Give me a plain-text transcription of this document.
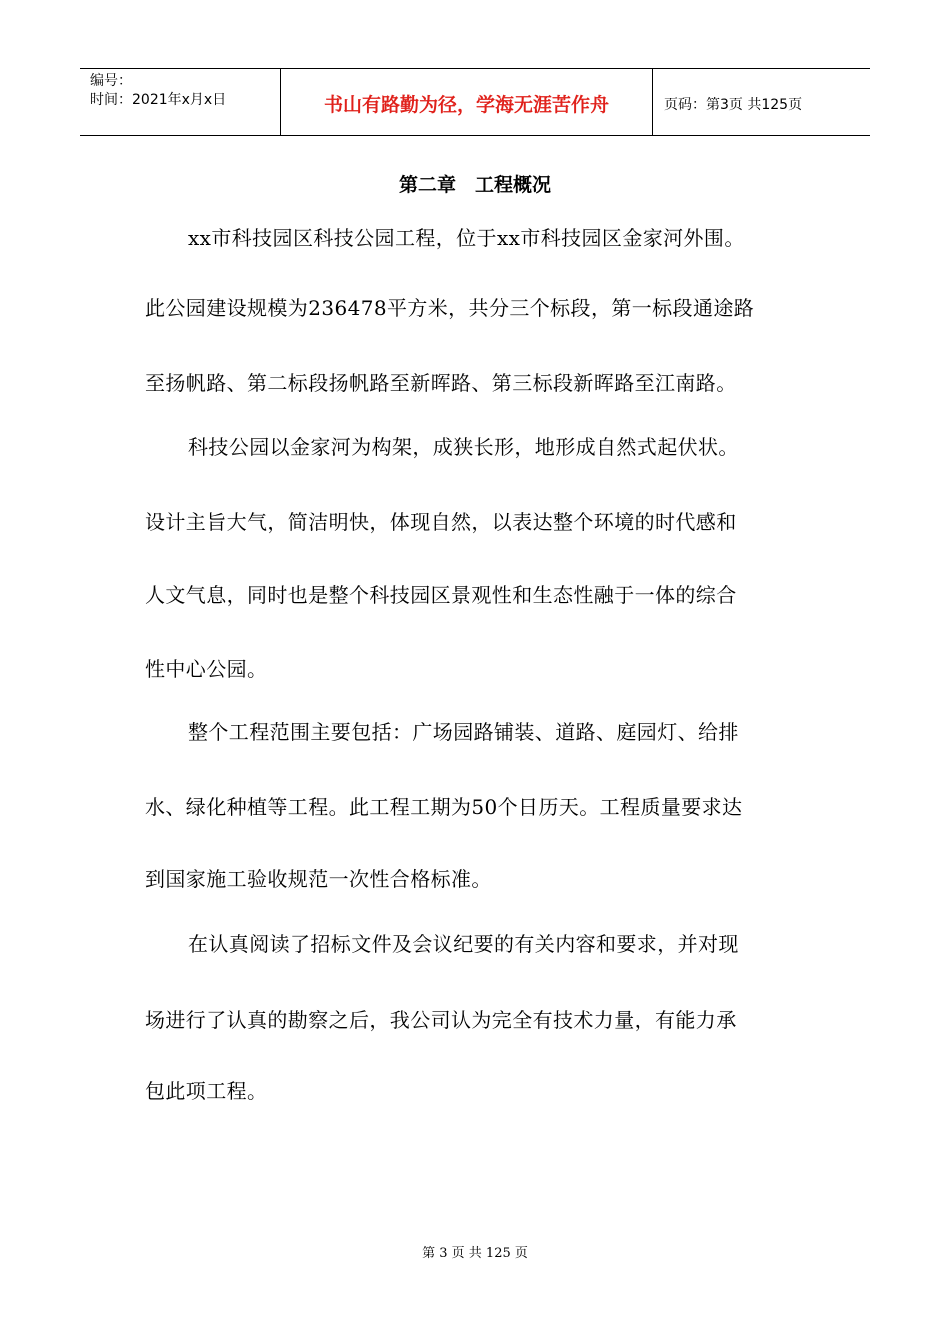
编号：
时间：2021年x月x日	书山有路勤为径，学海无涯苦作舟	页码：第3页 共125页
第二章　工程概况
xx市科技园区科技公园工程，位于xx市科技园区金家河外围。
此公园建设规模为236478平方米，共分三个标段，第一标段通途路
至扬帆路、第二标段扬帆路至新晖路、第三标段新晖路至江南路。
科技公园以金家河为构架，成狭长形，地形成自然式起伏状。
设计主旨大气，简洁明快，体现自然，以表达整个环境的时代感和
人文气息，同时也是整个科技园区景观性和生态性融于一体的综合
性中心公园。
整个工程范围主要包括：广场园路铺装、道路、庭园灯、给排
水、绿化种植等工程。此工程工期为50个日历天。工程质量要求达
到国家施工验收规范一次性合格标准。
在认真阅读了招标文件及会议纪要的有关内容和要求，并对现
场进行了认真的勘察之后，我公司认为完全有技术力量，有能力承
包此项工程。
第 3 页 共 125 页
